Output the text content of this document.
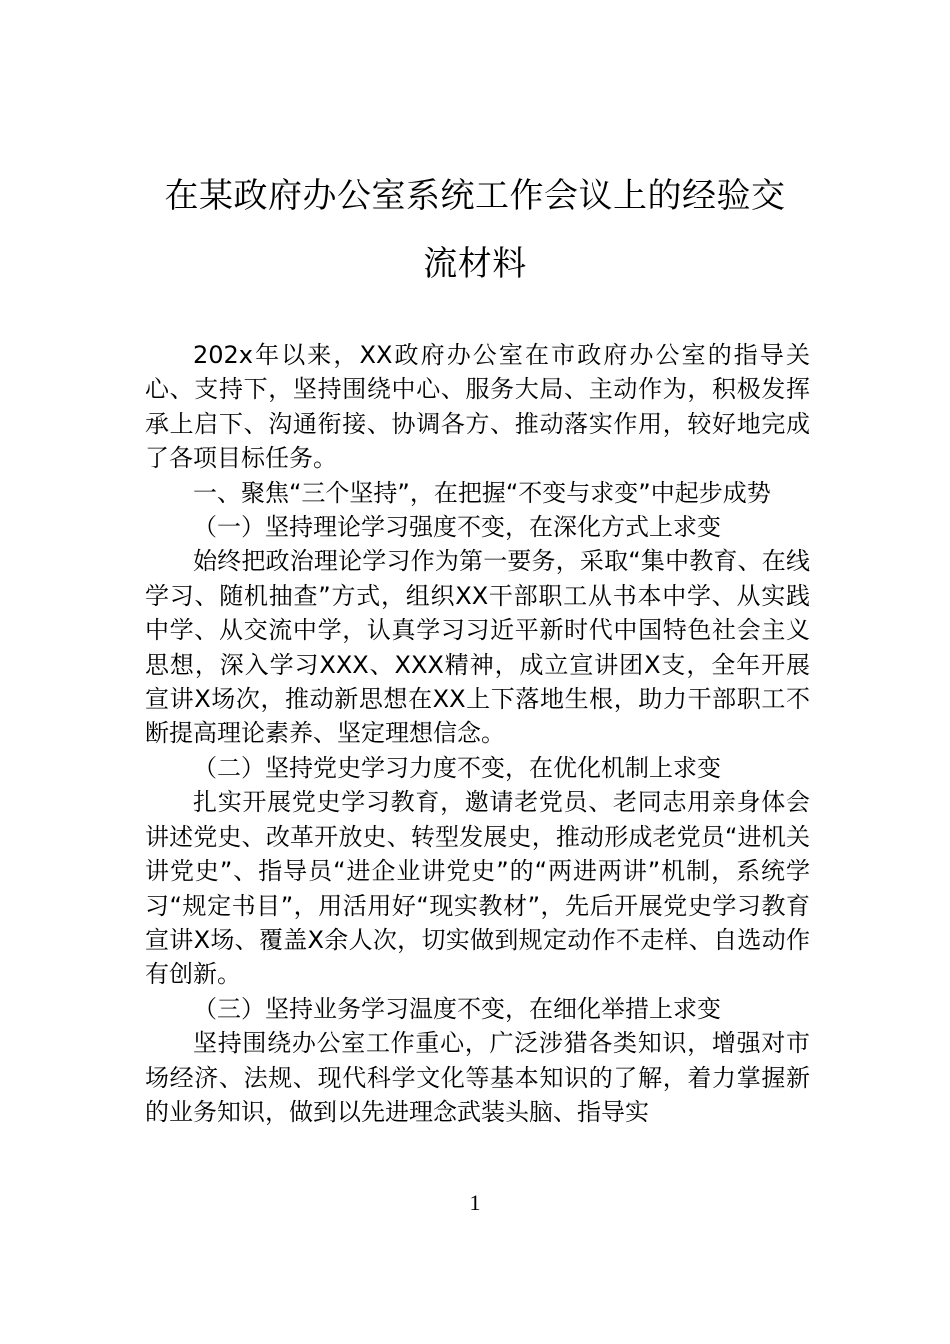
在某政府办公室系统工作会议上的经验交
流材料

202x年以来，XX政府办公室在市政府办公室的指导关心、支持下，坚持围绕中心、服务大局、主动作为，积极发挥承上启下、沟通衔接、协调各方、推动落实作用，较好地完成了各项目标任务。

一、聚焦“三个坚持”，在把握“不变与求变”中起步成势

（一）坚持理论学习强度不变，在深化方式上求变

始终把政治理论学习作为第一要务，采取“集中教育、在线学习、随机抽查”方式，组织XX干部职工从书本中学、从实践中学、从交流中学，认真学习习近平新时代中国特色社会主义思想，深入学习XXX、XXX精神，成立宣讲团X支，全年开展宣讲X场次，推动新思想在XX上下落地生根，助力干部职工不断提高理论素养、坚定理想信念。

（二）坚持党史学习力度不变，在优化机制上求变

扎实开展党史学习教育，邀请老党员、老同志用亲身体会讲述党史、改革开放史、转型发展史，推动形成老党员“进机关讲党史”、指导员“进企业讲党史”的“两进两讲”机制，系统学习“规定书目”，用活用好“现实教材”，先后开展党史学习教育宣讲X场、覆盖X余人次，切实做到规定动作不走样、自选动作有创新。

（三）坚持业务学习温度不变，在细化举措上求变

坚持围绕办公室工作重心，广泛涉猎各类知识，增强对市场经济、法规、现代科学文化等基本知识的了解，着力掌握新的业务知识，做到以先进理念武装头脑、指导实

1
